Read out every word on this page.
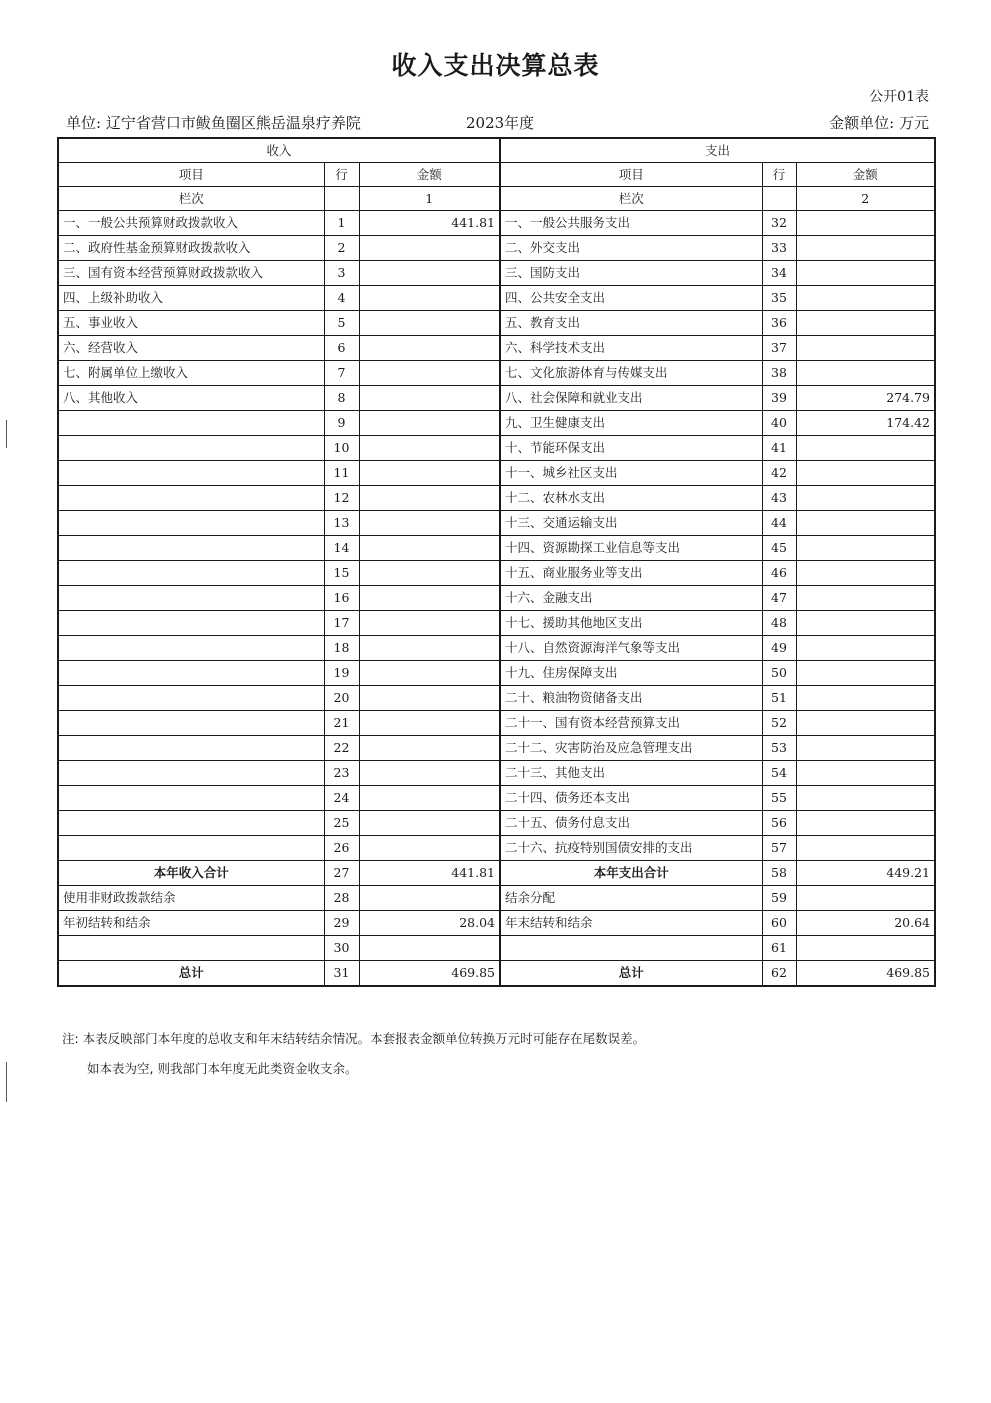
收入支出决算总表
公开01表
单位: 辽宁省营口市鲅鱼圈区熊岳温泉疗养院	2023年度	金额单位: 万元
收入			支出		
项目	行	金额	项目	行	金额
栏次		1	栏次		2
一、一般公共预算财政拨款收入	1	441.81	一、一般公共服务支出	32	
二、政府性基金预算财政拨款收入	2		二、外交支出	33	
三、国有资本经营预算财政拨款收入	3		三、国防支出	34	
四、上级补助收入	4		四、公共安全支出	35	
五、事业收入	5		五、教育支出	36	
六、经营收入	6		六、科学技术支出	37	
七、附属单位上缴收入	7		七、文化旅游体育与传媒支出	38	
八、其他收入	8		八、社会保障和就业支出	39	274.79
	9		九、卫生健康支出	40	174.42
	10		十、节能环保支出	41	
	11		十一、城乡社区支出	42	
	12		十二、农林水支出	43	
	13		十三、交通运输支出	44	
	14		十四、资源勘探工业信息等支出	45	
	15		十五、商业服务业等支出	46	
	16		十六、金融支出	47	
	17		十七、援助其他地区支出	48	
	18		十八、自然资源海洋气象等支出	49	
	19		十九、住房保障支出	50	
	20		二十、粮油物资储备支出	51	
	21		二十一、国有资本经营预算支出	52	
	22		二十二、灾害防治及应急管理支出	53	
	23		二十三、其他支出	54	
	24		二十四、债务还本支出	55	
	25		二十五、债务付息支出	56	
	26		二十六、抗疫特别国债安排的支出	57	
本年收入合计	27	441.81	本年支出合计	58	449.21
使用非财政拨款结余	28		结余分配	59	
年初结转和结余	29	28.04	年末结转和结余	60	20.64
	30			61	
总计	31	469.85	总计	62	469.85
注: 本表反映部门本年度的总收支和年末结转结余情况。本套报表金额单位转换万元时可能存在尾数误差。
如本表为空, 则我部门本年度无此类资金收支余。
